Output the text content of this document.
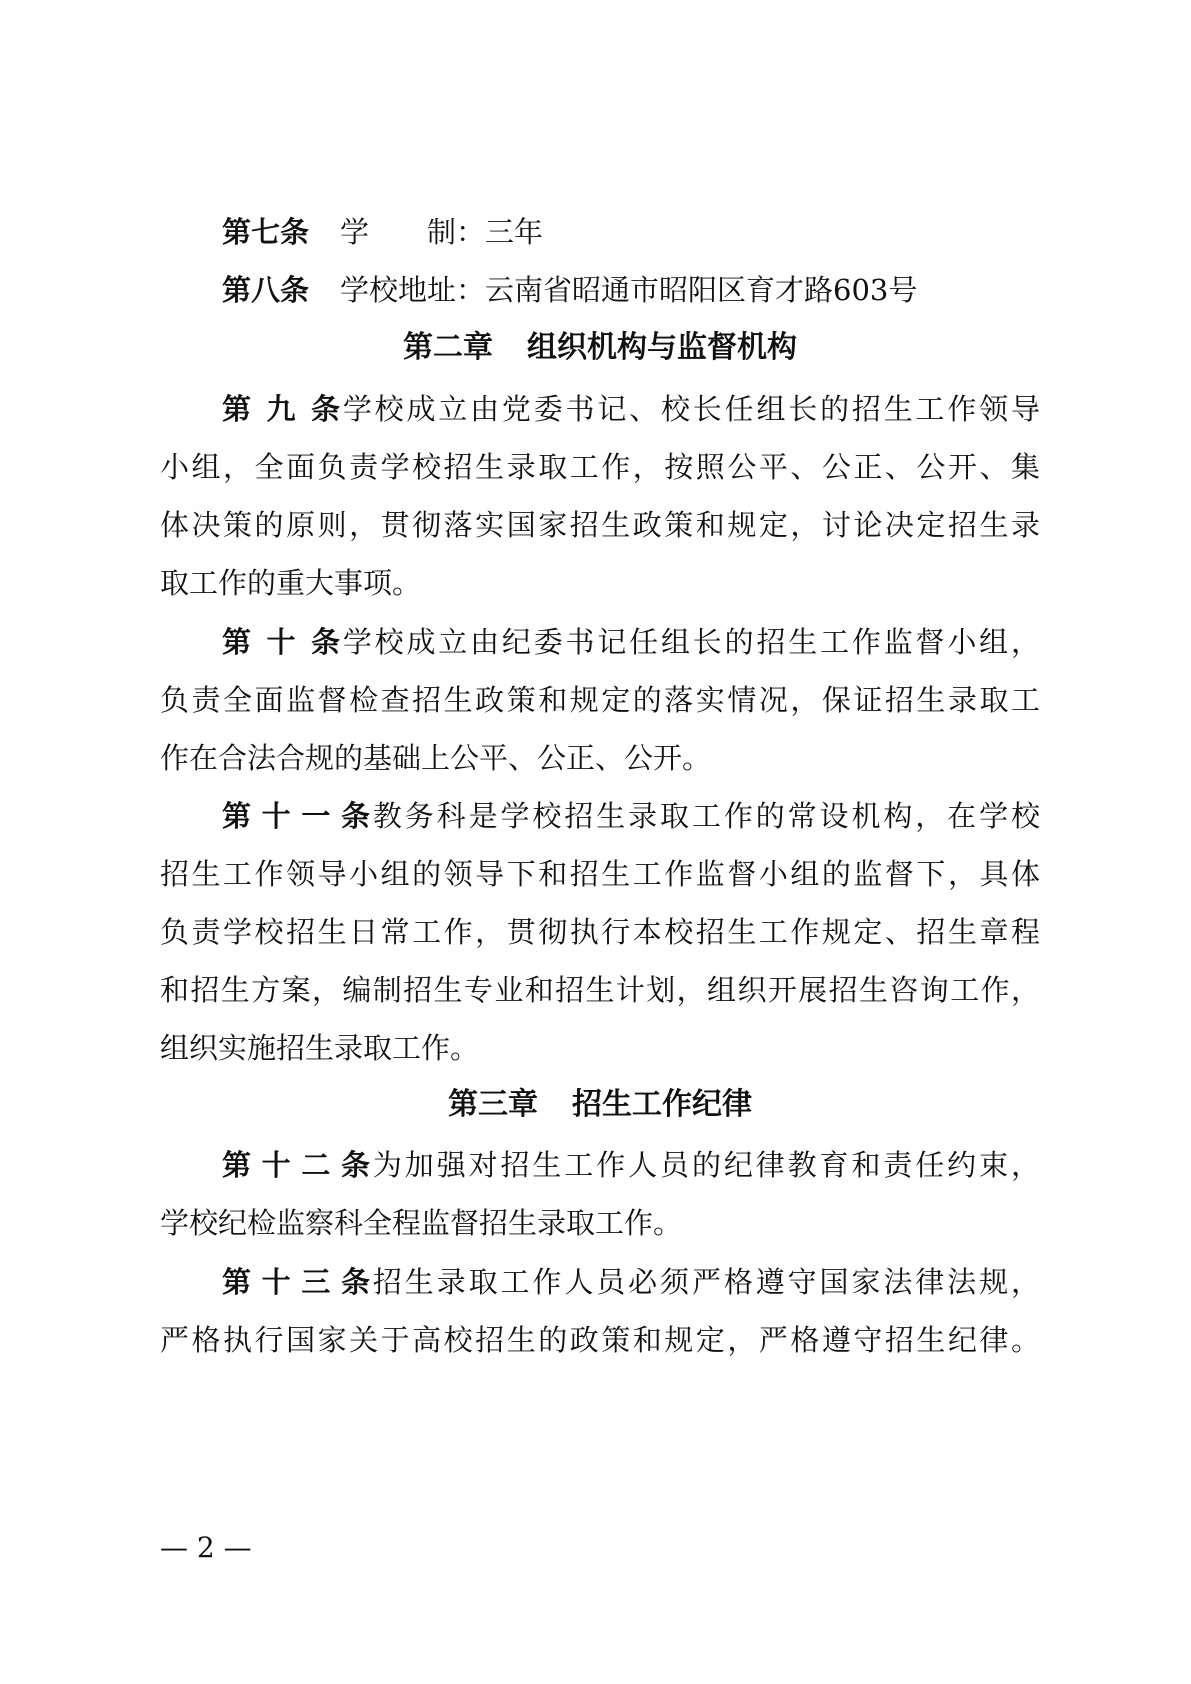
第七条 学　　制：三年
第八条 学校地址：云南省昭通市昭阳区育才路603号
第二章 组织机构与监督机构
第九条学校成立由党委书记、校长任组长的招生工作领导
小组，全面负责学校招生录取工作，按照公平、公正、公开、集
体决策的原则，贯彻落实国家招生政策和规定，讨论决定招生录
取工作的重大事项。
第十条学校成立由纪委书记任组长的招生工作监督小组，
负责全面监督检查招生政策和规定的落实情况，保证招生录取工
作在合法合规的基础上公平、公正、公开。
第十一条教务科是学校招生录取工作的常设机构，在学校
招生工作领导小组的领导下和招生工作监督小组的监督下，具体
负责学校招生日常工作，贯彻执行本校招生工作规定、招生章程
和招生方案，编制招生专业和招生计划，组织开展招生咨询工作，
组织实施招生录取工作。
第三章 招生工作纪律
第十二条为加强对招生工作人员的纪律教育和责任约束，
学校纪检监察科全程监督招生录取工作。
第十三条招生录取工作人员必须严格遵守国家法律法规，
严格执行国家关于高校招生的政策和规定，严格遵守招生纪律。
— 2 —
